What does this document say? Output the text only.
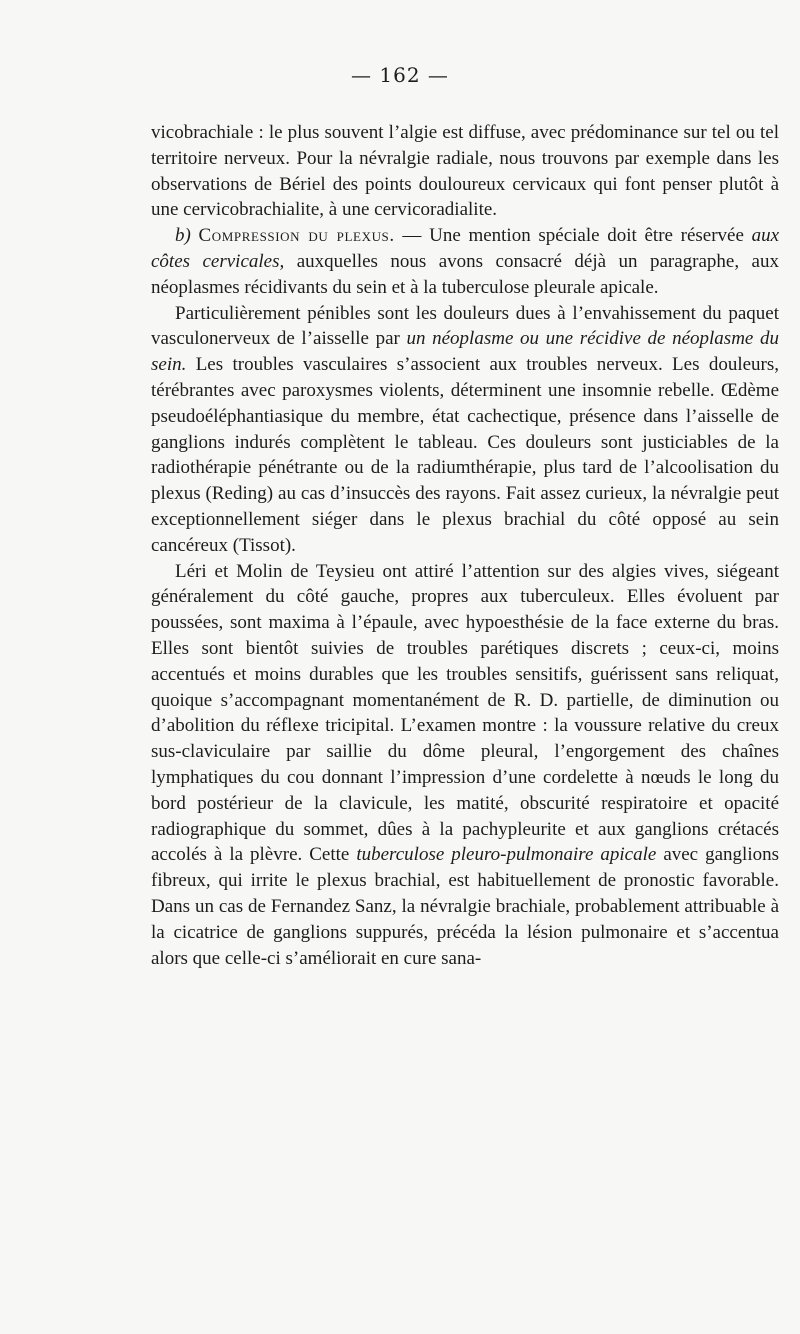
— 162 —

vicobrachiale : le plus souvent l’algie est diffuse, avec prédominance sur tel ou tel territoire nerveux. Pour la névralgie radiale, nous trouvons par exemple dans les observations de Bériel des points douloureux cervicaux qui font penser plutôt à une cervicobrachialite, à une cervicoradialite.

b) Compression du plexus. — Une mention spéciale doit être réservée aux côtes cervicales, auxquelles nous avons consacré déjà un paragraphe, aux néoplasmes récidivants du sein et à la tuberculose pleurale apicale.

Particulièrement pénibles sont les douleurs dues à l’envahissement du paquet vasculonerveux de l’aisselle par un néoplasme ou une récidive de néoplasme du sein. Les troubles vasculaires s’associent aux troubles nerveux. Les douleurs, térébrantes avec paroxysmes violents, déterminent une insomnie rebelle. Œdème pseudoéléphantiasique du membre, état cachectique, présence dans l’aisselle de ganglions indurés complètent le tableau. Ces douleurs sont justiciables de la radiothérapie pénétrante ou de la radiumthérapie, plus tard de l’alcoolisation du plexus (Reding) au cas d’insuccès des rayons. Fait assez curieux, la névralgie peut exceptionnellement siéger dans le plexus brachial du côté opposé au sein cancéreux (Tissot).

Léri et Molin de Teysieu ont attiré l’attention sur des algies vives, siégeant généralement du côté gauche, propres aux tuberculeux. Elles évoluent par poussées, sont maxima à l’épaule, avec hypoesthésie de la face externe du bras. Elles sont bientôt suivies de troubles parétiques discrets ; ceux-ci, moins accentués et moins durables que les troubles sensitifs, guérissent sans reliquat, quoique s’accompagnant momentanément de R. D. partielle, de diminution ou d’abolition du réflexe tricipital. L’examen montre : la voussure relative du creux sus-claviculaire par saillie du dôme pleural, l’engorgement des chaînes lymphatiques du cou donnant l’impression d’une cordelette à nœuds le long du bord postérieur de la clavicule, les matité, obscurité respiratoire et opacité radiographique du sommet, dûes à la pachypleurite et aux ganglions crétacés accolés à la plèvre. Cette tuberculose pleuro-pulmonaire apicale avec ganglions fibreux, qui irrite le plexus brachial, est habituellement de pronostic favorable. Dans un cas de Fernandez Sanz, la névralgie brachiale, probablement attribuable à la cicatrice de ganglions suppurés, précéda la lésion pulmonaire et s’accentua alors que celle-ci s’améliorait en cure sana-
